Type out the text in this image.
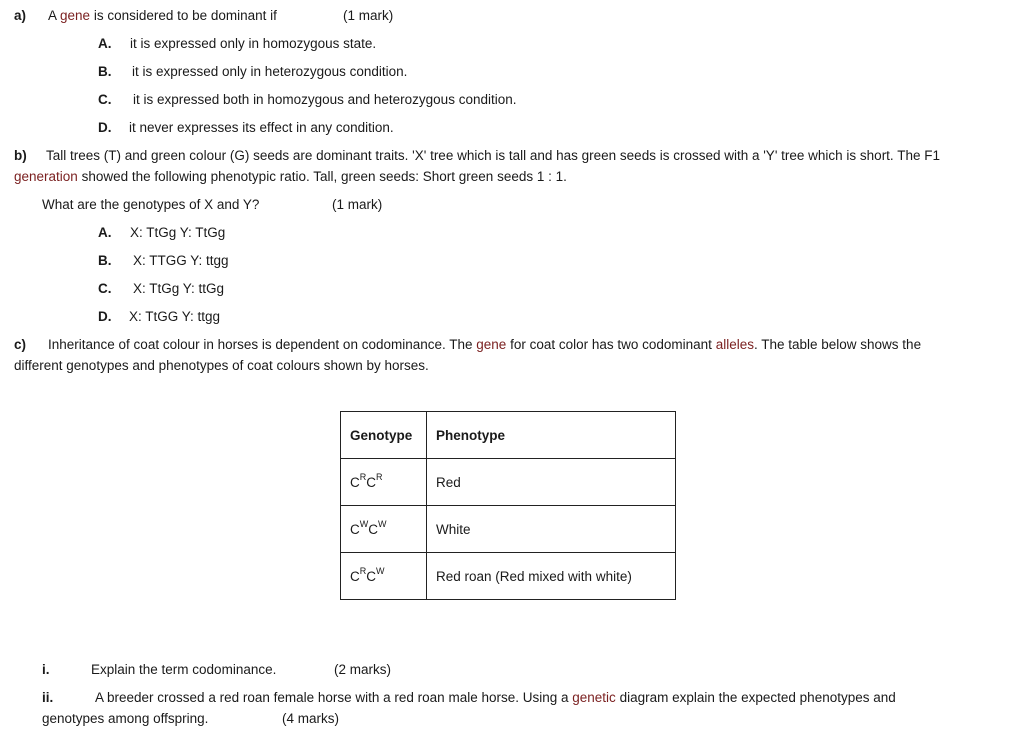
a) A gene is considered to be dominant if	(1 mark)
A. it is expressed only in homozygous state.
B. it is expressed only in heterozygous condition.
C. it is expressed both in homozygous and heterozygous condition.
D. it never expresses its effect in any condition.
b) Tall trees (T) and green colour (G) seeds are dominant traits. 'X' tree which is tall and has green seeds is crossed with a 'Y' tree which is short. The F1
generation showed the following phenotypic ratio. Tall, green seeds: Short green seeds 1 : 1.
What are the genotypes of X and Y?	(1 mark)
A. X: TtGg Y: TtGg
B. X: TTGG Y: ttgg
C. X: TtGg Y: ttGg
D. X: TtGG Y: ttgg
c) Inheritance of coat colour in horses is dependent on codominance. The gene for coat color has two codominant alleles. The table below shows the
different genotypes and phenotypes of coat colours shown by horses.
Genotype	Phenotype
$C^RC^R$	Red
$C^WC^W$	White
$C^RC^W$	Red roan (Red mixed with white)
i.	Explain the term codominance.	(2 marks)
ii.	A breeder crossed a red roan female horse with a red roan male horse. Using a genetic diagram explain the expected phenotypes and
genotypes among offspring.	(4 marks)
